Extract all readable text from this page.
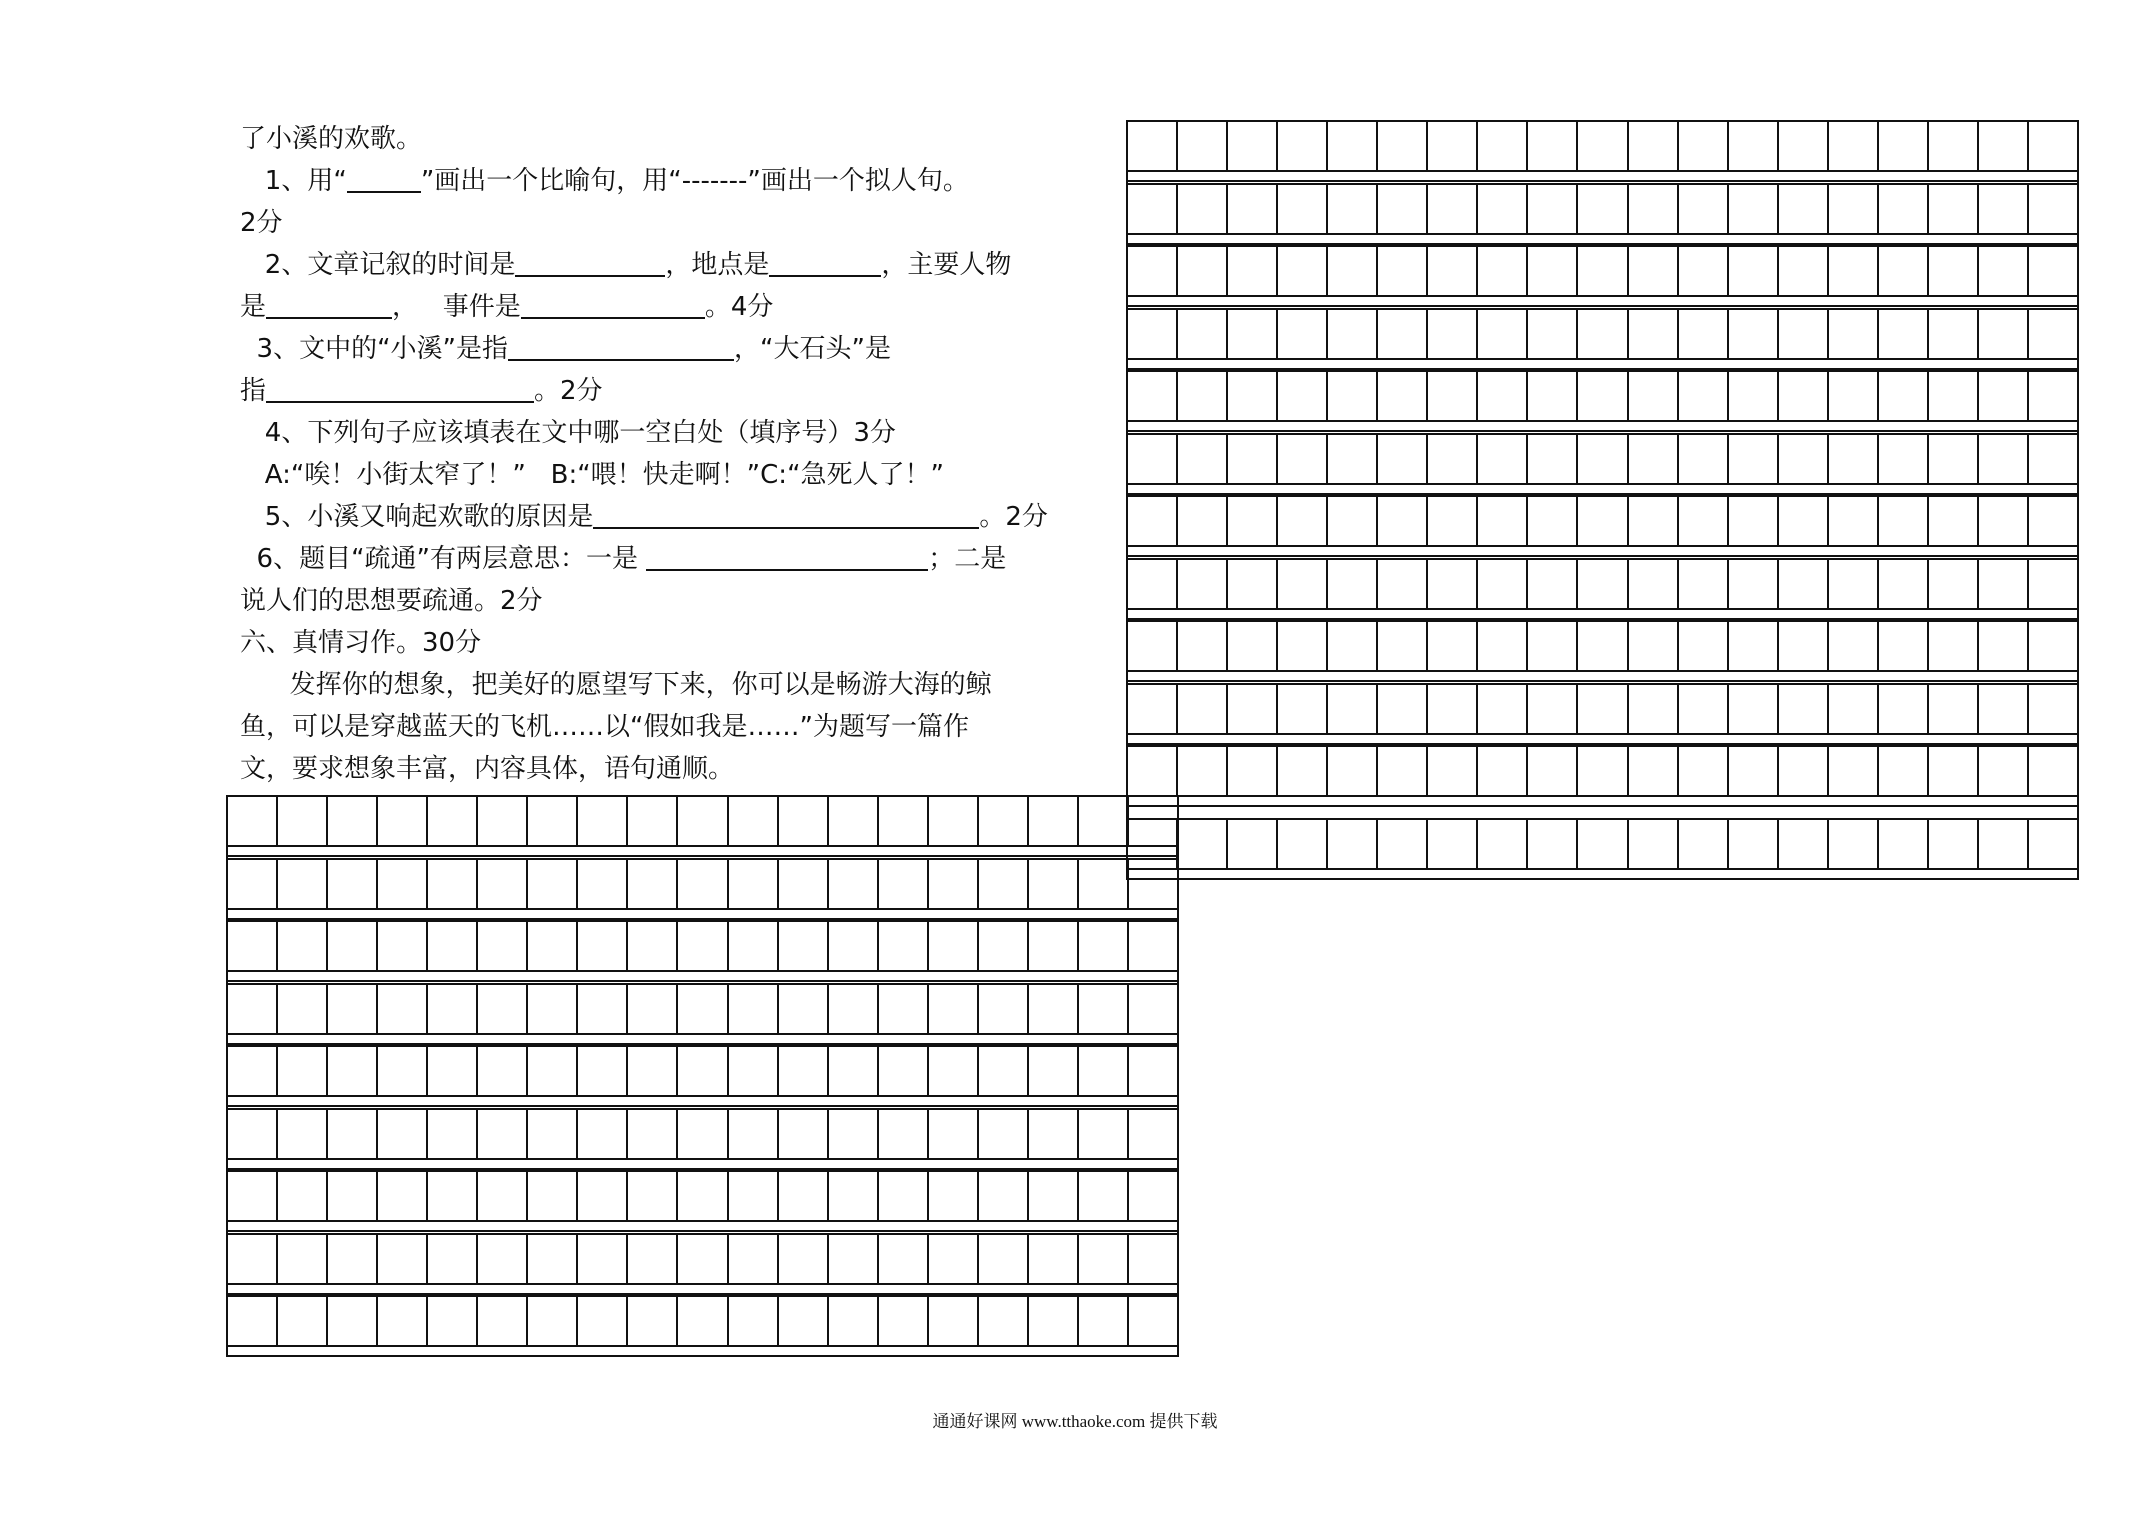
了小溪的欢歌。
1、用“	”画出一个比喻句，用“-------”画出一个拟人句。
2分
2、文章记叙的时间是	，地点是	，主要人物
是	，   事件是	。4分
3、文中的“小溪”是指	，“大石头”是
指	。2分
4、下列句子应该填表在文中哪一空白处（填序号）3分
A:“唉！小街太窄了！”   B:“喂！快走啊！”C:“急死人了！”
5、小溪又响起欢歌的原因是	。2分
6、题目“疏通”有两层意思：一是	；二是
说人们的思想要疏通。2分
六、真情习作。30分
发挥你的想象，把美好的愿望写下来，你可以是畅游大海的鲸
鱼，可以是穿越蓝天的飞机……以“假如我是……”为题写一篇作
文，要求想象丰富，内容具体，语句通顺。
通通好课网 www.tthaoke.com 提供下载
